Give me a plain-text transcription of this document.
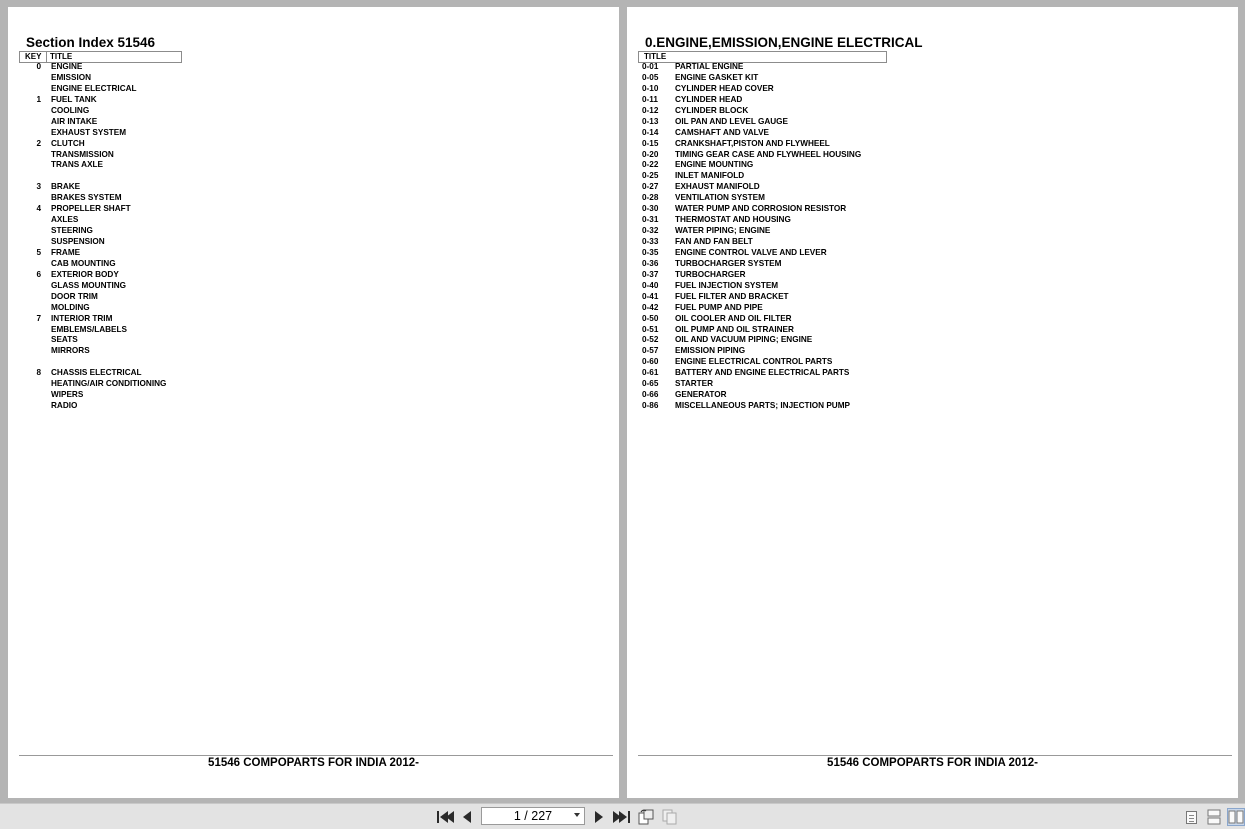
Section Index 51546
KEY	TITLE
0 ENGINE
EMISSION
ENGINE ELECTRICAL
1 FUEL TANK
COOLING
AIR INTAKE
EXHAUST SYSTEM
2 CLUTCH
TRANSMISSION
TRANS AXLE
3 BRAKE
BRAKES SYSTEM
4 PROPELLER SHAFT
AXLES
STEERING
SUSPENSION
5 FRAME
CAB MOUNTING
6 EXTERIOR BODY
GLASS MOUNTING
DOOR TRIM
MOLDING
7 INTERIOR TRIM
EMBLEMS/LABELS
SEATS
MIRRORS
8 CHASSIS ELECTRICAL
HEATING/AIR CONDITIONING
WIPERS
RADIO
51546 COMPOPARTS FOR INDIA 2012-
0.ENGINE,EMISSION,ENGINE ELECTRICAL
TITLE
0-01	PARTIAL ENGINE
0-05	ENGINE GASKET KIT
0-10	CYLINDER HEAD COVER
0-11	CYLINDER HEAD
0-12	CYLINDER BLOCK
0-13	OIL PAN AND LEVEL GAUGE
0-14	CAMSHAFT AND VALVE
0-15	CRANKSHAFT,PISTON AND FLYWHEEL
0-20	TIMING GEAR CASE AND FLYWHEEL HOUSING
0-22	ENGINE MOUNTING
0-25	INLET MANIFOLD
0-27	EXHAUST MANIFOLD
0-28	VENTILATION SYSTEM
0-30	WATER PUMP AND CORROSION RESISTOR
0-31	THERMOSTAT AND HOUSING
0-32	WATER PIPING; ENGINE
0-33	FAN AND FAN BELT
0-35	ENGINE CONTROL VALVE AND LEVER
0-36	TURBOCHARGER SYSTEM
0-37	TURBOCHARGER
0-40	FUEL INJECTION SYSTEM
0-41	FUEL FILTER AND BRACKET
0-42	FUEL PUMP AND PIPE
0-50	OIL COOLER AND OIL FILTER
0-51	OIL PUMP AND OIL STRAINER
0-52	OIL AND VACUUM PIPING; ENGINE
0-57	EMISSION PIPING
0-60	ENGINE ELECTRICAL CONTROL PARTS
0-61	BATTERY AND ENGINE ELECTRICAL PARTS
0-65	STARTER
0-66	GENERATOR
0-86	MISCELLANEOUS PARTS; INJECTION PUMP
51546 COMPOPARTS FOR INDIA 2012-
1 / 227
